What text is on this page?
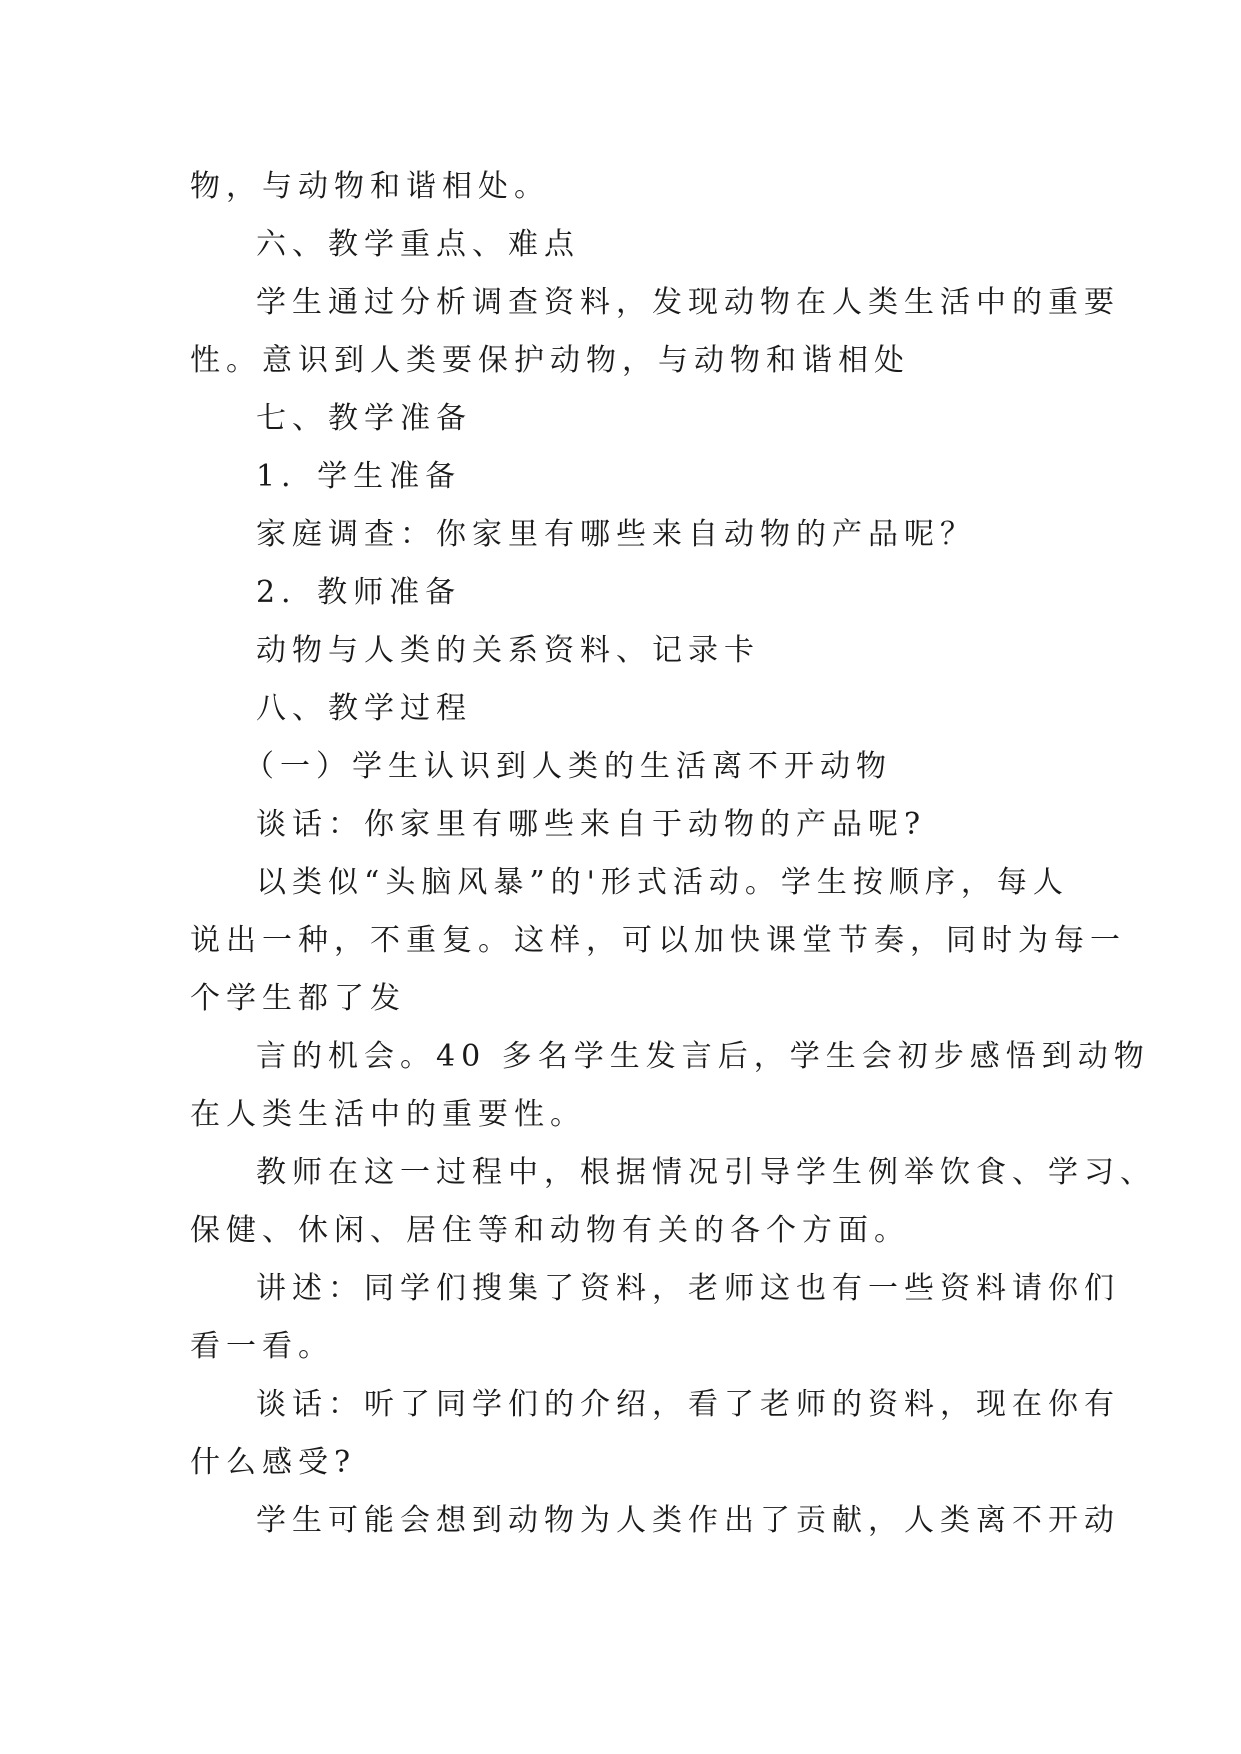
物，与动物和谐相处。
六、教学重点、难点
学生通过分析调查资料，发现动物在人类生活中的重要
性。意识到人类要保护动物，与动物和谐相处
七、教学准备
1．学生准备
家庭调查：你家里有哪些来自动物的产品呢？
2．教师准备
动物与人类的关系资料、记录卡
八、教学过程
（一）学生认识到人类的生活离不开动物
谈话：你家里有哪些来自于动物的产品呢?
以类似“头脑风暴”的'形式活动。学生按顺序，每人
说出一种，不重复。这样，可以加快课堂节奏，同时为每一
个学生都了发
言的机会。40 多名学生发言后，学生会初步感悟到动物
在人类生活中的重要性。
教师在这一过程中，根据情况引导学生例举饮食、学习、
保健、休闲、居住等和动物有关的各个方面。
讲述：同学们搜集了资料，老师这也有一些资料请你们
看一看。
谈话：听了同学们的介绍，看了老师的资料，现在你有
什么感受?
学生可能会想到动物为人类作出了贡献，人类离不开动
